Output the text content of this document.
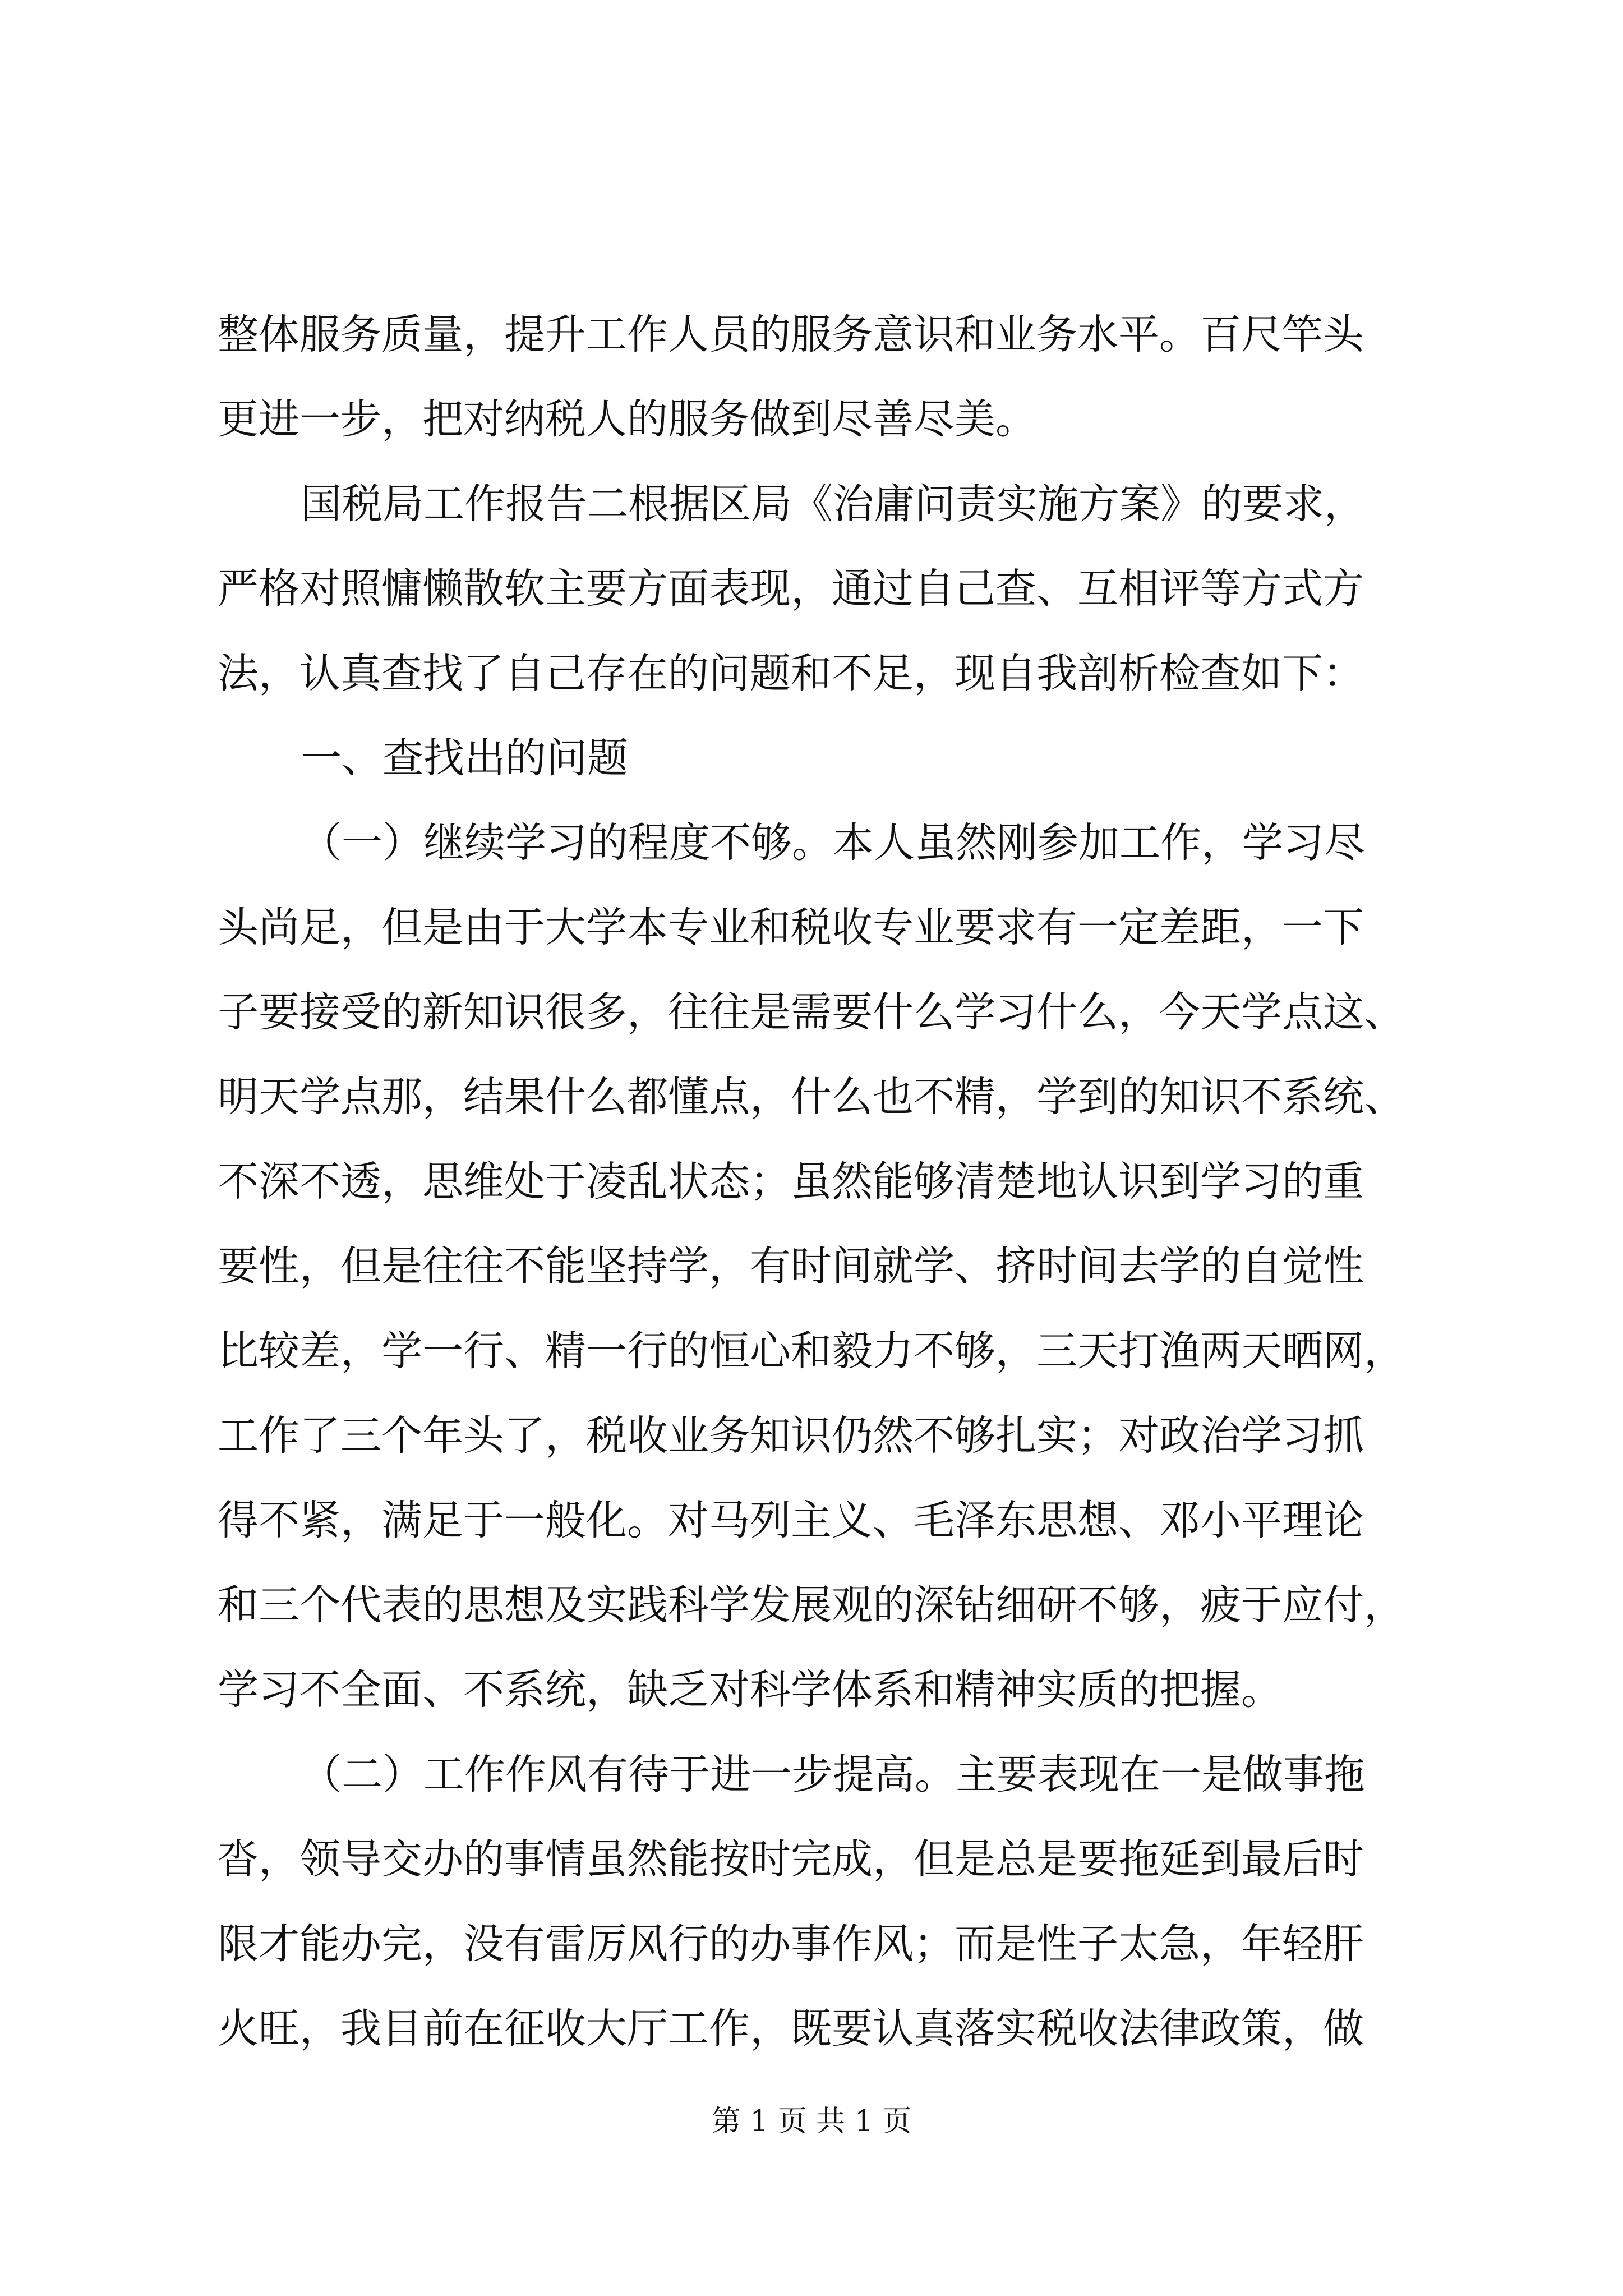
整体服务质量，提升工作人员的服务意识和业务水平。百尺竿头
更进一步，把对纳税人的服务做到尽善尽美。
国税局工作报告二根据区局《治庸问责实施方案》的要求，
严格对照慵懒散软主要方面表现，通过自己查、互相评等方式方
法，认真查找了自己存在的问题和不足，现自我剖析检查如下：
一、查找出的问题
（一）继续学习的程度不够。本人虽然刚参加工作，学习尽
头尚足，但是由于大学本专业和税收专业要求有一定差距，一下
子要接受的新知识很多，往往是需要什么学习什么，今天学点这、
明天学点那，结果什么都懂点，什么也不精，学到的知识不系统、
不深不透，思维处于凌乱状态；虽然能够清楚地认识到学习的重
要性，但是往往不能坚持学，有时间就学、挤时间去学的自觉性
比较差，学一行、精一行的恒心和毅力不够，三天打渔两天晒网，
工作了三个年头了，税收业务知识仍然不够扎实；对政治学习抓
得不紧，满足于一般化。对马列主义、毛泽东思想、邓小平理论
和三个代表的思想及实践科学发展观的深钻细研不够，疲于应付，
学习不全面、不系统，缺乏对科学体系和精神实质的把握。
（二）工作作风有待于进一步提高。主要表现在一是做事拖
沓，领导交办的事情虽然能按时完成，但是总是要拖延到最后时
限才能办完，没有雷厉风行的办事作风；而是性子太急，年轻肝
火旺，我目前在征收大厅工作，既要认真落实税收法律政策，做
第 1 页 共 1 页
